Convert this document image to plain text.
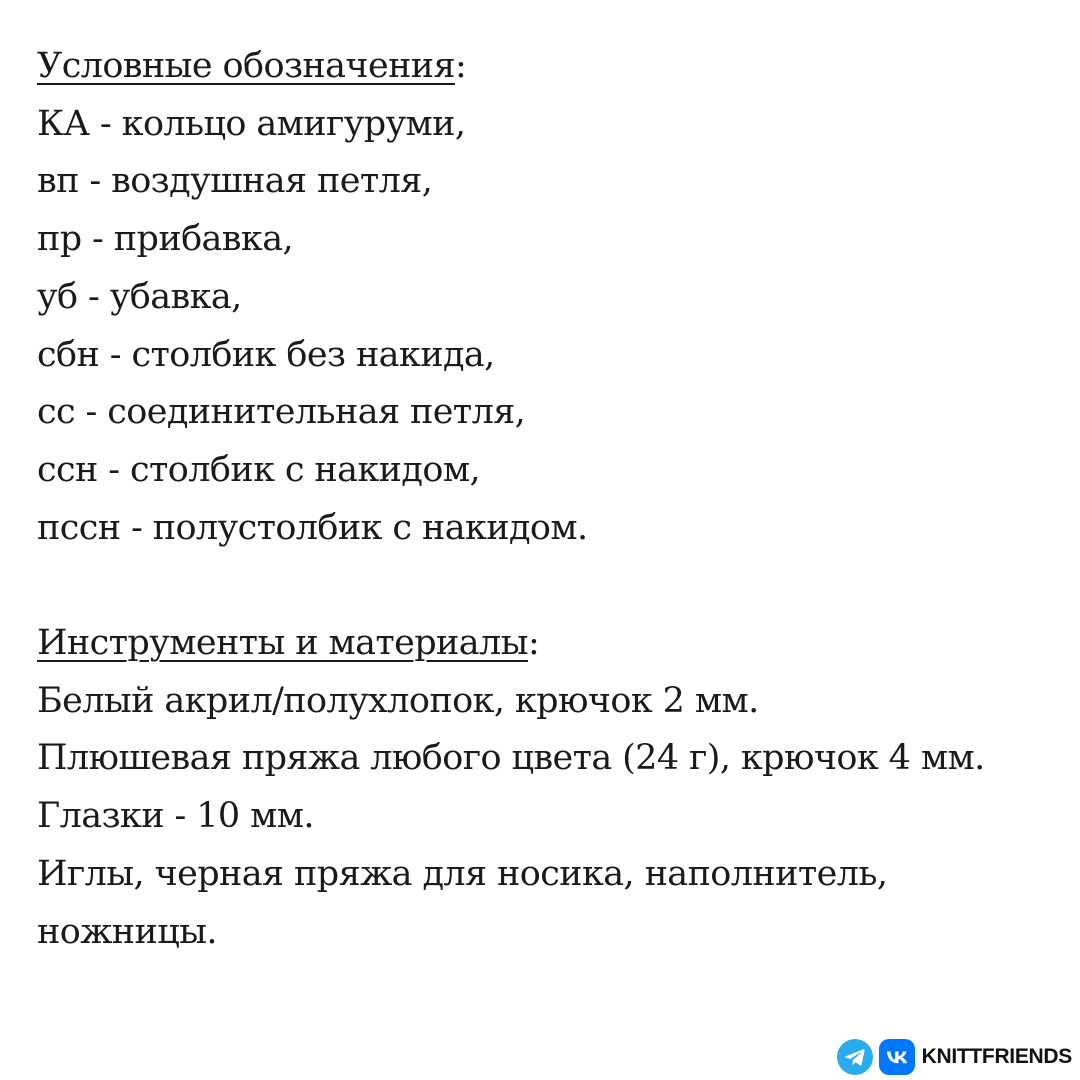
Условные обозначения:
КА - кольцо амигуруми,
вп - воздушная петля,
пр - прибавка,
уб - убавка,
сбн - столбик без накида,
сс - соединительная петля,
ссн - столбик с накидом,
пссн - полустолбик с накидом.
Инструменты и материалы:
Белый акрил/полухлопок, крючок 2 мм.
Плюшевая пряжа любого цвета (24 г), крючок 4 мм.
Глазки - 10 мм.
Иглы, черная пряжа для носика, наполнитель,
ножницы.
KNITTFRIENDS
